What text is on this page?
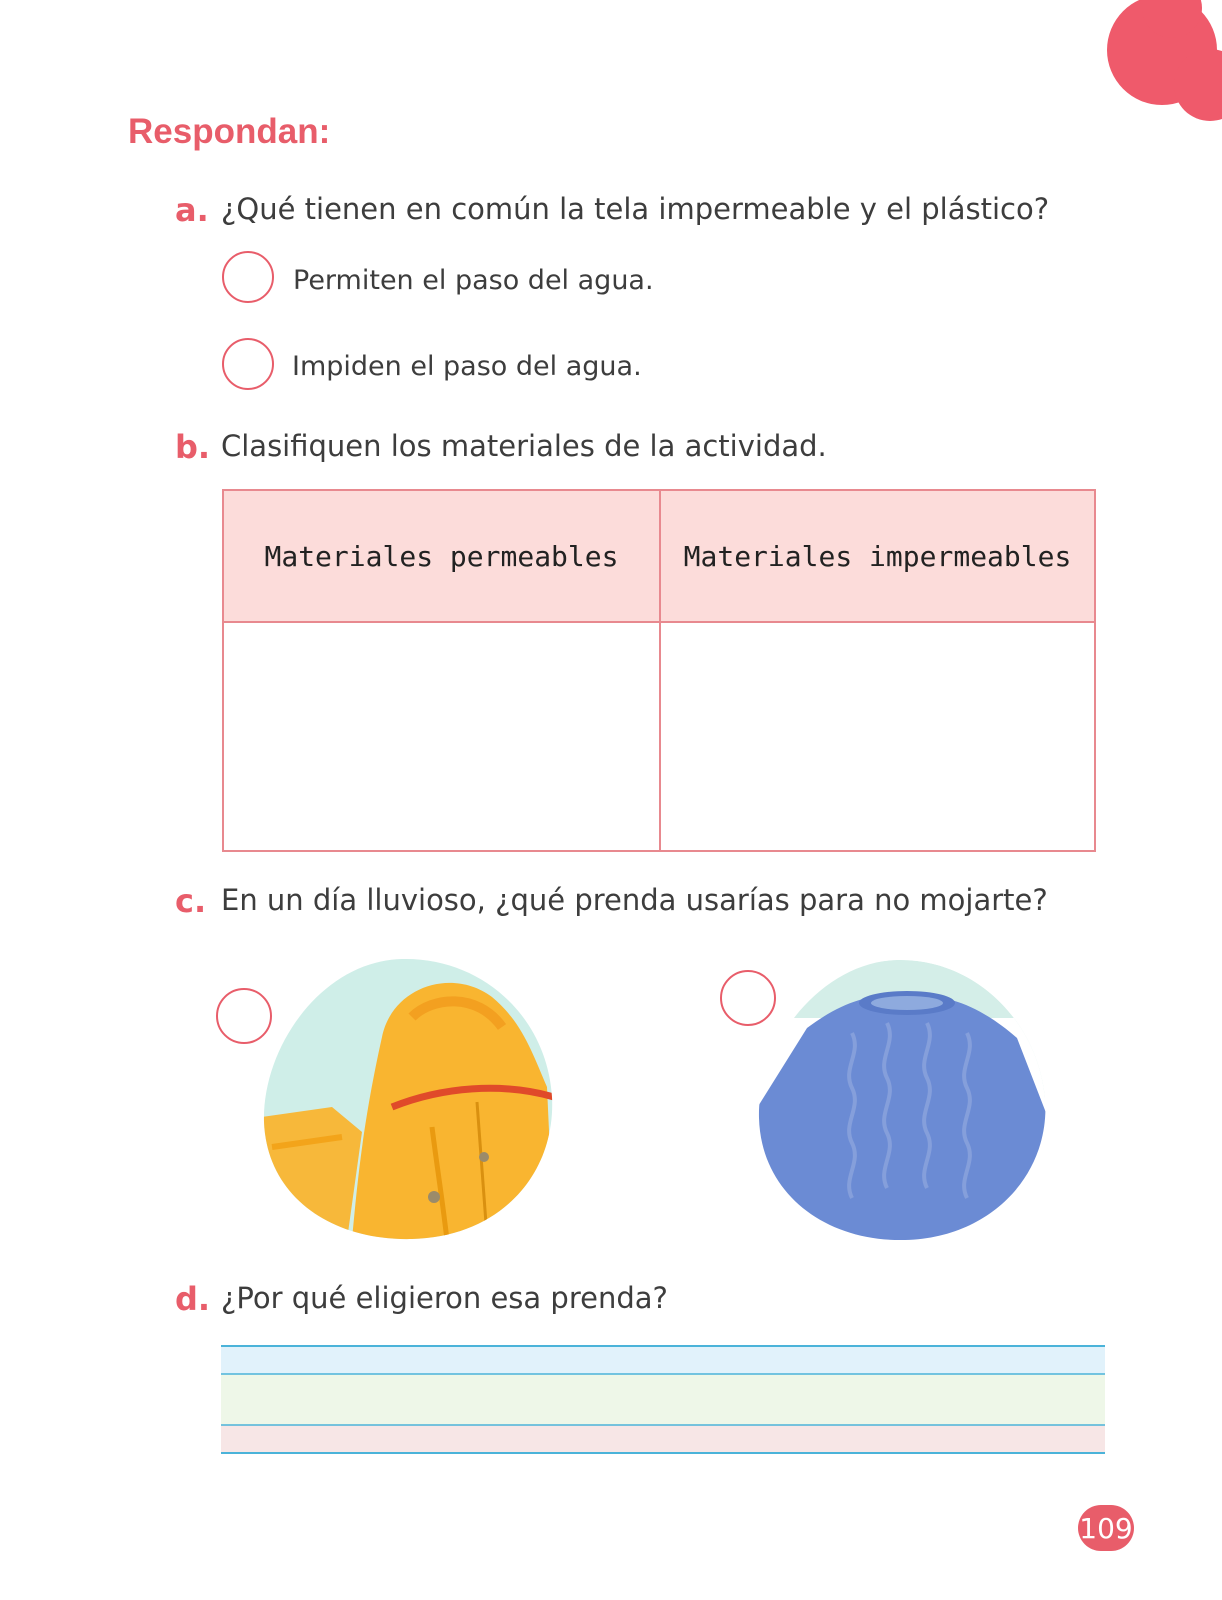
Respondan:
a. ¿Qué tienen en común la tela impermeable y el plástico?
Permiten el paso del agua.
Impiden el paso del agua.
b. Clasifiquen los materiales de la actividad.
Materiales permeables	Materiales impermeables
c. En un día lluvioso, ¿qué prenda usarías para no mojarte?
d. ¿Por qué eligieron esa prenda?
109
